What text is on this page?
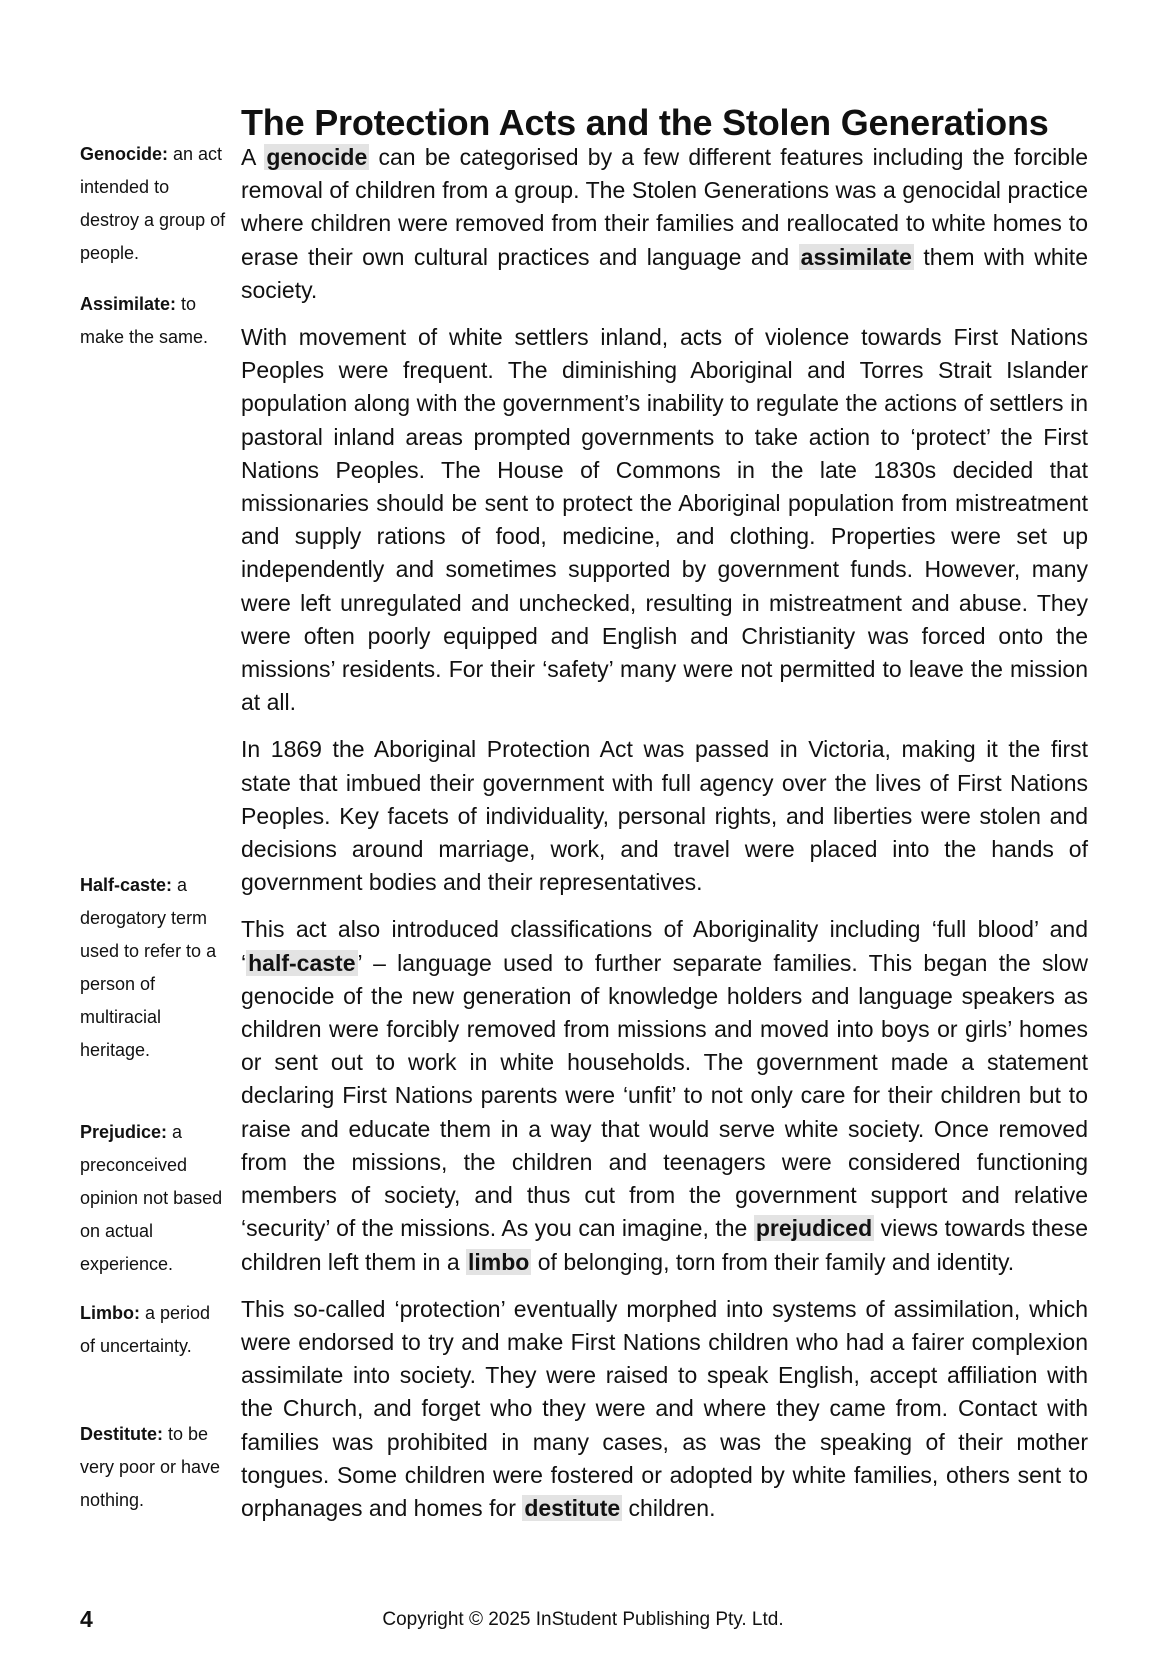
The Protection Acts and the Stolen Generations
Genocide: an act intended to destroy a group of people.
Assimilate: to make the same.
Half-caste: a derogatory term used to refer to a person of multiracial heritage.
Prejudice: a preconceived opinion not based on actual experience.
Limbo: a period of uncertainty.
Destitute: to be very poor or have nothing.

A genocide can be categorised by a few different features including the forcible removal of children from a group. The Stolen Generations was a genocidal practice where children were removed from their families and reallocated to white homes to erase their own cultural practices and language and assimilate them with white society.

With movement of white settlers inland, acts of violence towards First Nations Peoples were frequent. The diminishing Aboriginal and Torres Strait Islander population along with the government’s inability to regulate the actions of settlers in pastoral inland areas prompted governments to take action to ‘protect’ the First Nations Peoples. The House of Commons in the late 1830s decided that missionaries should be sent to protect the Aboriginal population from mistreatment and supply rations of food, medicine, and clothing. Properties were set up independently and sometimes supported by government funds. However, many were left unregulated and unchecked, resulting in mistreatment and abuse. They were often poorly equipped and English and Christianity was forced onto the missions’ residents. For their ‘safety’ many were not permitted to leave the mission at all.

In 1869 the Aboriginal Protection Act was passed in Victoria, making it the first state that imbued their government with full agency over the lives of First Nations Peoples. Key facets of individuality, personal rights, and liberties were stolen and decisions around marriage, work, and travel were placed into the hands of government bodies and their representatives.

This act also introduced classifications of Aboriginality including ‘full blood’ and ‘half-caste’ – language used to further separate families. This began the slow genocide of the new generation of knowledge holders and language speakers as children were forcibly removed from missions and moved into boys or girls’ homes or sent out to work in white households. The government made a statement declaring First Nations parents were ‘unfit’ to not only care for their children but to raise and educate them in a way that would serve white society. Once removed from the missions, the children and teenagers were considered functioning members of society, and thus cut from the government support and relative ‘security’ of the missions. As you can imagine, the prejudiced views towards these children left them in a limbo of belonging, torn from their family and identity.

This so-called ‘protection’ eventually morphed into systems of assimilation, which were endorsed to try and make First Nations children who had a fairer complexion assimilate into society. They were raised to speak English, accept affiliation with the Church, and forget who they were and where they came from. Contact with families was prohibited in many cases, as was the speaking of their mother tongues. Some children were fostered or adopted by white families, others sent to orphanages and homes for destitute children.

4	Copyright © 2025 InStudent Publishing Pty. Ltd.
